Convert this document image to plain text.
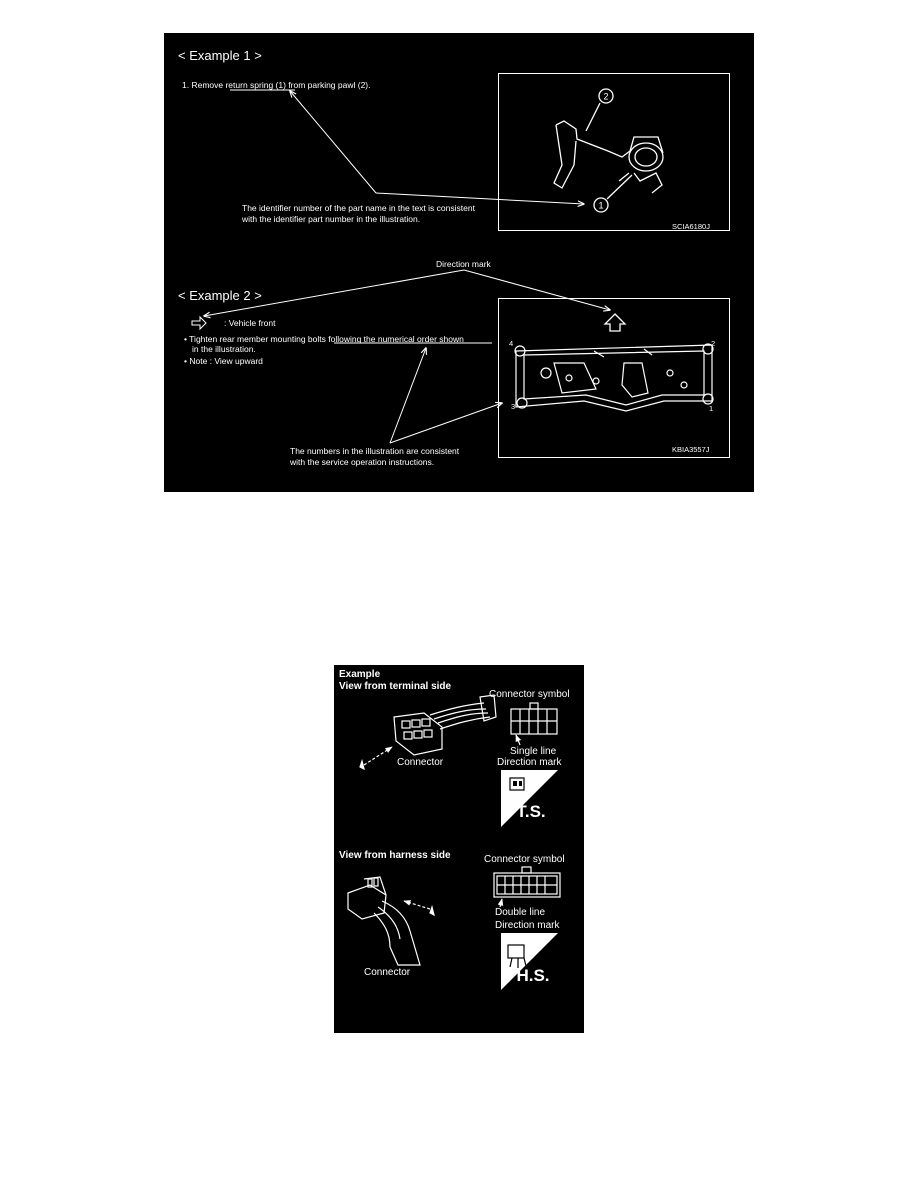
< Example 1 >
1. Remove return spring (1) from parking pawl (2).
SCIA6180J
The identifier number of the part name in the text is consistent
with the identifier part number in the illustration.
Direction mark
< Example 2 >
: Vehicle front
• Tighten rear member mounting bolts following the numerical order shown
in the illustration.
• Note : View upward
KBIA3557J
4	2
3	1
The numbers in the illustration are consistent
with the service operation instructions.
2
1
Example
View from terminal side
Connector symbol
Single line
Connector	Direction mark
View from harness side	Connector symbol
Double line
Direction mark
Connector
T.S.
H.S.
